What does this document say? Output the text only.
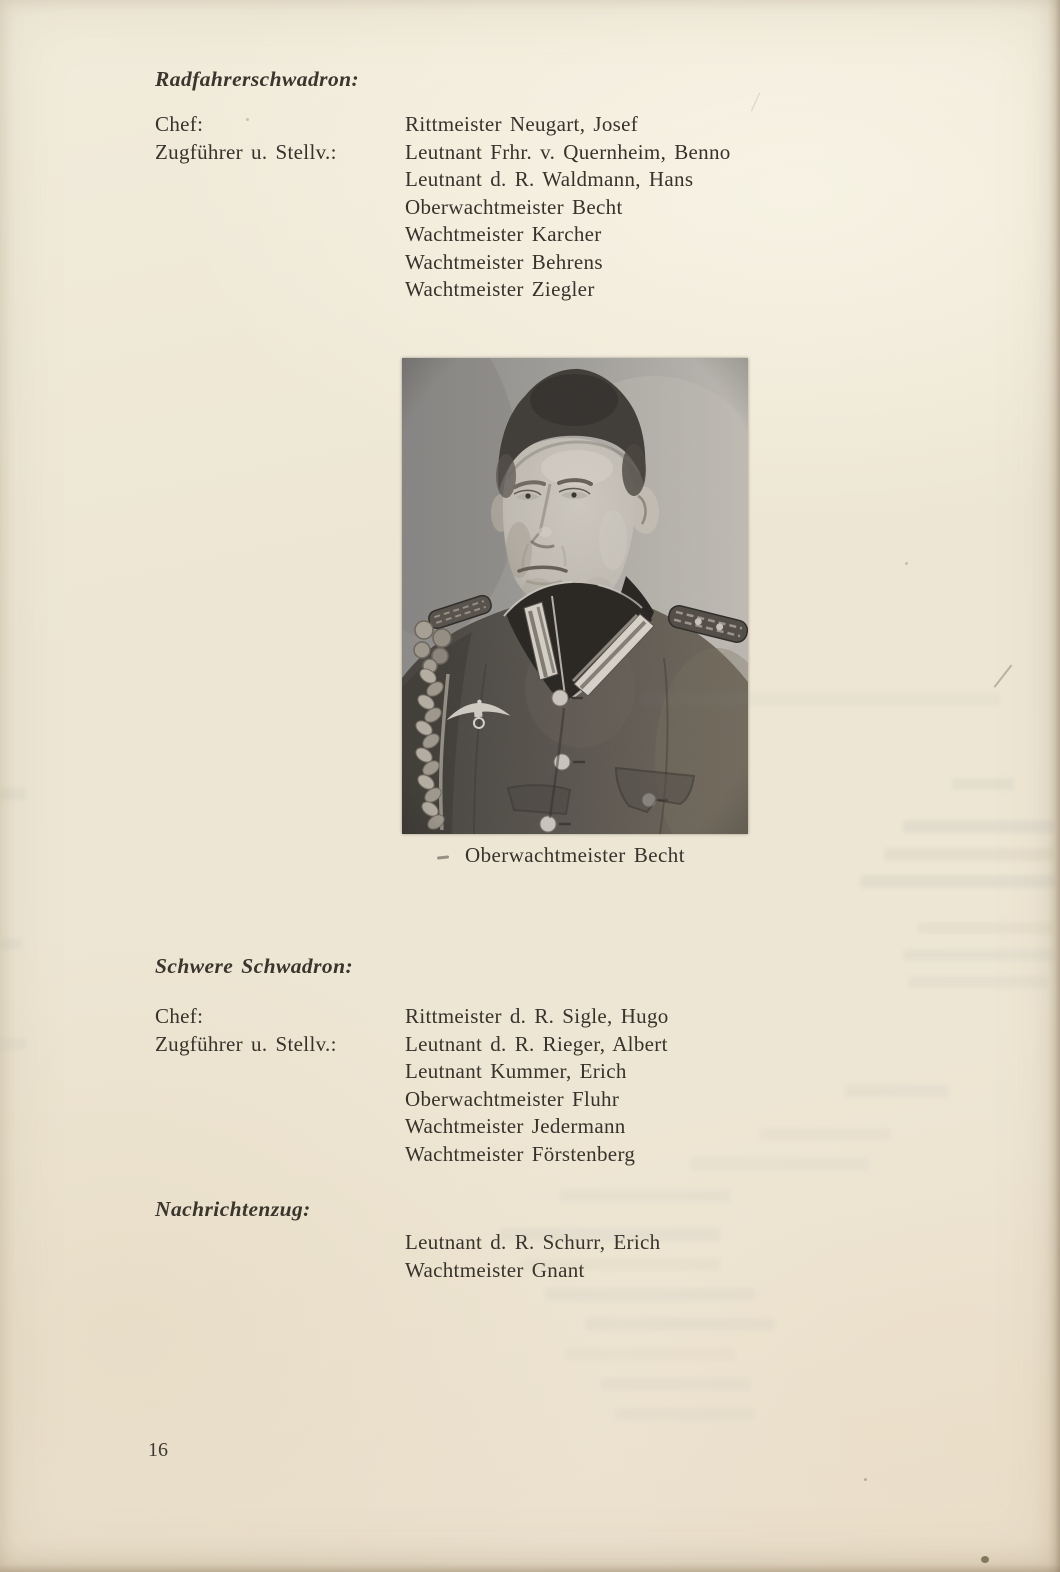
Radfahrerschwadron:
Chef:	Rittmeister Neugart, Josef
Zugführer u. Stellv.:	Leutnant Frhr. v. Quernheim, Benno
Leutnant d. R. Waldmann, Hans
Oberwachtmeister Becht
Wachtmeister Karcher
Wachtmeister Behrens
Wachtmeister Ziegler
Oberwachtmeister Becht
Schwere Schwadron:
Chef:	Rittmeister d. R. Sigle, Hugo
Zugführer u. Stellv.:	Leutnant d. R. Rieger, Albert
Leutnant Kummer, Erich
Oberwachtmeister Fluhr
Wachtmeister Jedermann
Wachtmeister Förstenberg
Nachrichtenzug:
Leutnant d. R. Schurr, Erich
Wachtmeister Gnant
16
